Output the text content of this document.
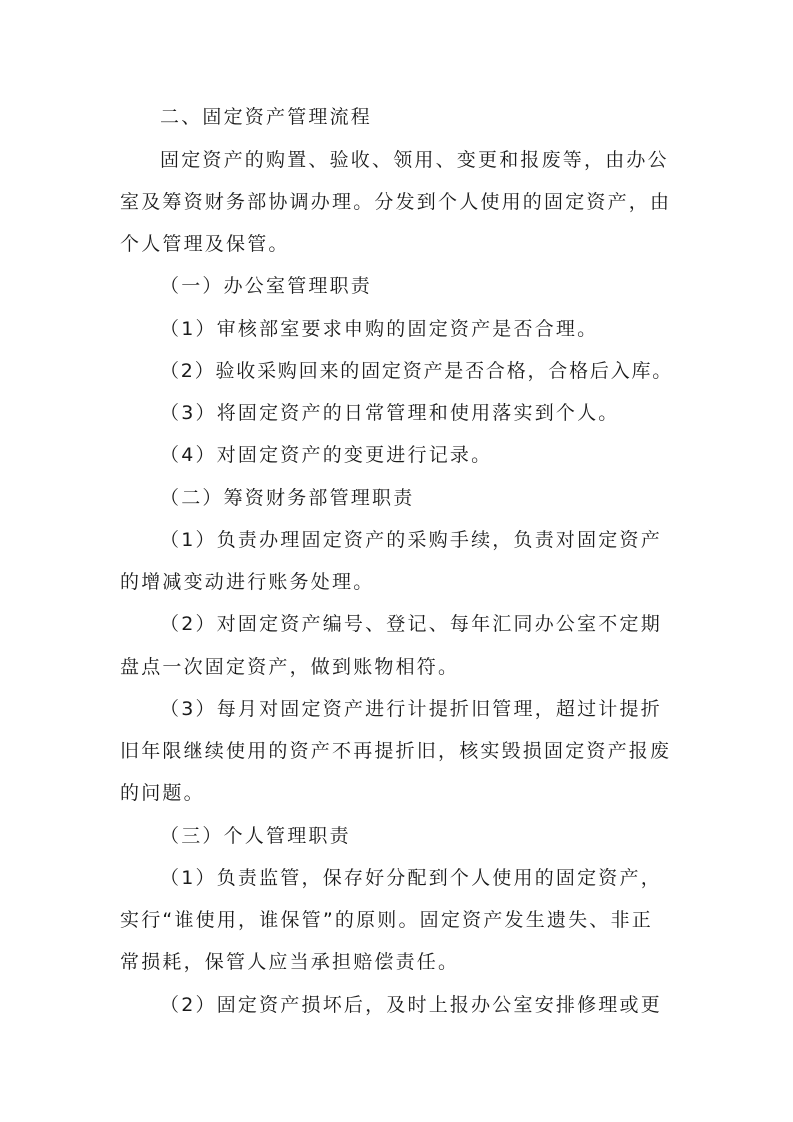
二、固定资产管理流程
固定资产的购置、验收、领用、变更和报废等，由办公
室及筹资财务部协调办理。分发到个人使用的固定资产，由
个人管理及保管。
（一）办公室管理职责
（1）审核部室要求申购的固定资产是否合理。
（2）验收采购回来的固定资产是否合格，合格后入库。
（3）将固定资产的日常管理和使用落实到个人。
（4）对固定资产的变更进行记录。
（二）筹资财务部管理职责
（1）负责办理固定资产的采购手续，负责对固定资产
的增减变动进行账务处理。
（2）对固定资产编号、登记、每年汇同办公室不定期
盘点一次固定资产，做到账物相符。
（3）每月对固定资产进行计提折旧管理，超过计提折
旧年限继续使用的资产不再提折旧，核实毁损固定资产报废
的问题。
（三）个人管理职责
（1）负责监管，保存好分配到个人使用的固定资产，
实行“谁使用，谁保管”的原则。固定资产发生遗失、非正
常损耗，保管人应当承担赔偿责任。
（2）固定资产损坏后，及时上报办公室安排修理或更
